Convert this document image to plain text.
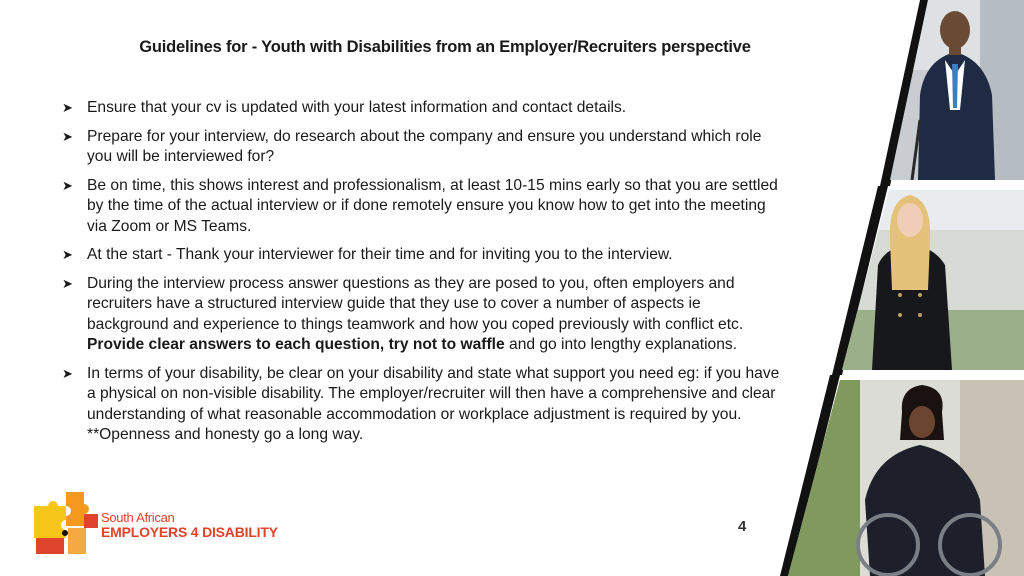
Guidelines for - Youth with Disabilities from an Employer/Recruiters perspective
➤ Ensure that your cv is updated with your latest information and contact details.
➤ Prepare for your interview, do research about the company and ensure you understand which role you will be interviewed for?
➤ Be on time, this shows interest and professionalism, at least 10-15 mins early so that you are settled by the time of the actual interview or if done remotely ensure you know how to get into the meeting via Zoom or MS Teams.
➤ At the start - Thank your interviewer for their time and for inviting you to the interview.
➤ During the interview process answer questions as they are posed to you, often employers and recruiters have a structured interview guide that they use to cover a number of aspects ie background and experience to things teamwork and how you coped previously with conflict etc. Provide clear answers to each question, try not to waffle and go into lengthy explanations.
➤ In terms of your disability, be clear on your disability and state what support you need eg: if you have a physical on non-visible disability. The employer/recruiter will then have a comprehensive and clear understanding of what reasonable accommodation or workplace adjustment is required by you. **Openness and honesty go a long way.
South African
EMPLOYERS 4 DISABILITY	4
